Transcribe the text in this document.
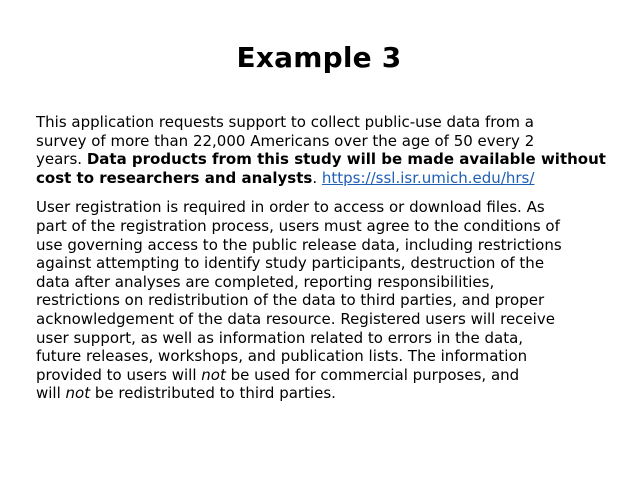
Example 3

This application requests support to collect public-use data from a
survey of more than 22,000 Americans over the age of 50 every 2
years. Data products from this study will be made available without
cost to researchers and analysts. https://ssl.isr.umich.edu/hrs/

User registration is required in order to access or download files. As
part of the registration process, users must agree to the conditions of
use governing access to the public release data, including restrictions
against attempting to identify study participants, destruction of the
data after analyses are completed, reporting responsibilities,
restrictions on redistribution of the data to third parties, and proper
acknowledgement of the data resource. Registered users will receive
user support, as well as information related to errors in the data,
future releases, workshops, and publication lists. The information
provided to users will not be used for commercial purposes, and
will not be redistributed to third parties.
